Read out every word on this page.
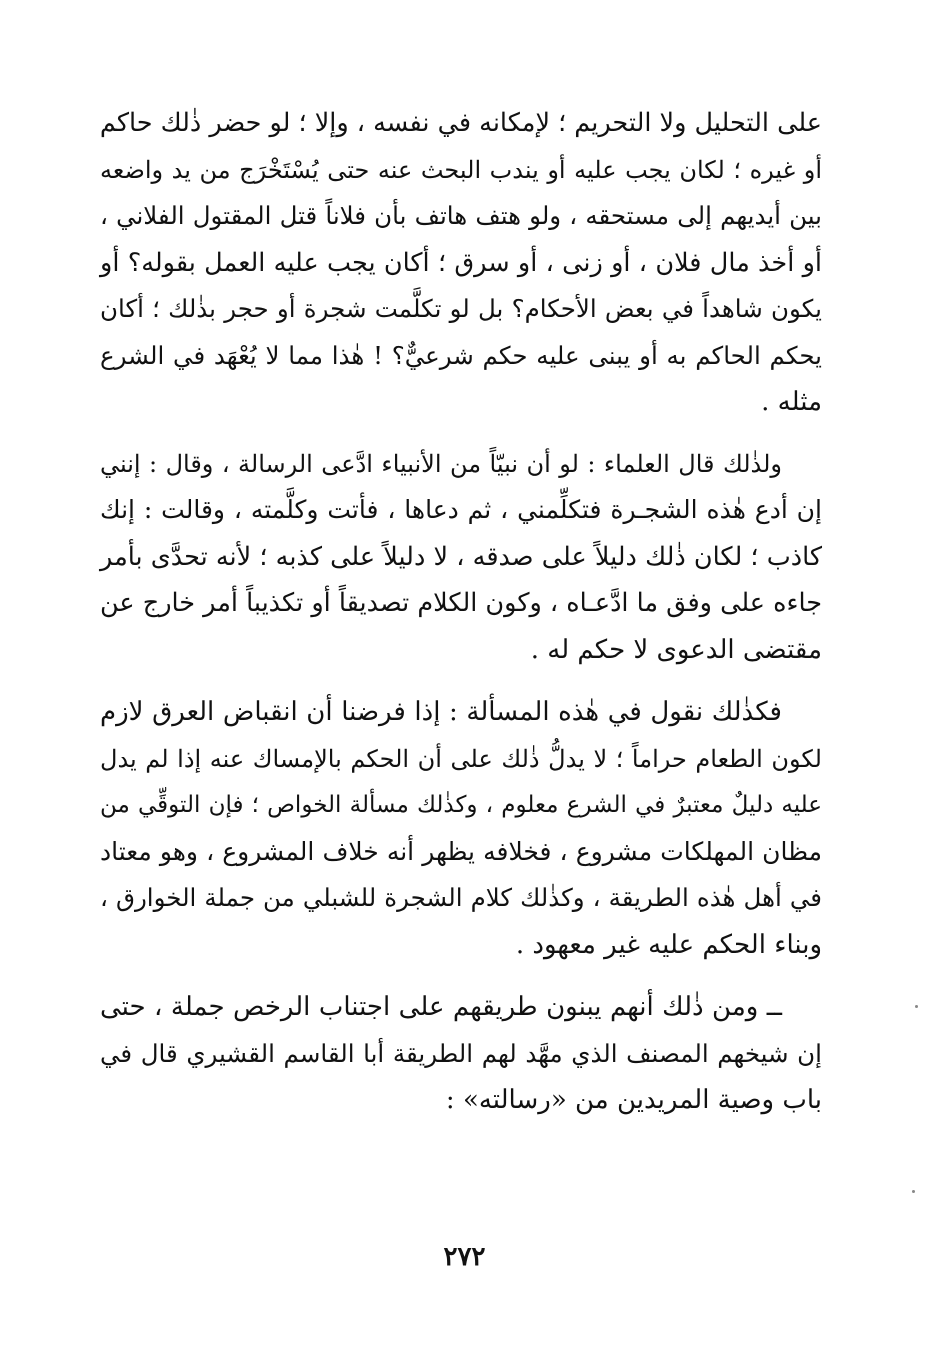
على التحليل ولا التحريم ؛ لإمكانه في نفسه ، وإلا ؛ لو حضر ذٰلك حاكم
أو غيره ؛ لكان يجب عليه أو يندب البحث عنه حتى يُسْتَخْرَج من يد واضعه
بين أيديهم إلى مستحقه ، ولو هتف هاتف بأن فلاناً قتل المقتول الفلاني ،
أو أخذ مال فلان ، أو زنى ، أو سرق ؛ أكان يجب عليه العمل بقوله؟ أو
يكون شاهداً في بعض الأحكام؟ بل لو تكلَّمت شجرة أو حجر بذٰلك ؛ أكان
يحكم الحاكم به أو يبنى عليه حكم شرعيٌّ؟ ! هٰذا مما لا يُعْهَد في الشرع
مثله .

ولذٰلك قال العلماء : لو أن نبيّاً من الأنبياء ادَّعى الرسالة ، وقال : إنني
إن أدع هٰذه الشجـرة فتكلِّمني ، ثم دعاها ، فأتت وكلَّمته ، وقالت : إنك
كاذب ؛ لكان ذٰلك دليلاً على صدقه ، لا دليلاً على كذبه ؛ لأنه تحدَّى بأمر
جاءه على وفق ما ادَّعـاه ، وكون الكلام تصديقاً أو تكذيباً أمر خارج عن
مقتضى الدعوى لا حكم له .

فكذٰلك نقول في هٰذه المسألة : إذا فرضنا أن انقباض العرق لازم
لكون الطعام حراماً ؛ لا يدلُّ ذٰلك على أن الحكم بالإمساك عنه إذا لم يدل
عليه دليلٌ معتبرٌ في الشرع معلوم ، وكذٰلك مسألة الخواص ؛ فإن التوقِّي من
مظان المهلكات مشروع ، فخلافه يظهر أنه خلاف المشروع ، وهو معتاد
في أهل هٰذه الطريقة ، وكذٰلك كلام الشجرة للشبلي من جملة الخوارق ،
وبناء الحكم عليه غير معهود .

ــ ومن ذٰلك أنهم يبنون طريقهم على اجتناب الرخص جملة ، حتى
إن شيخهم المصنف الذي مهَّد لهم الطريقة أبا القاسم القشيري قال في
باب وصية المريدين من «رسالته» :

٢٧٢
